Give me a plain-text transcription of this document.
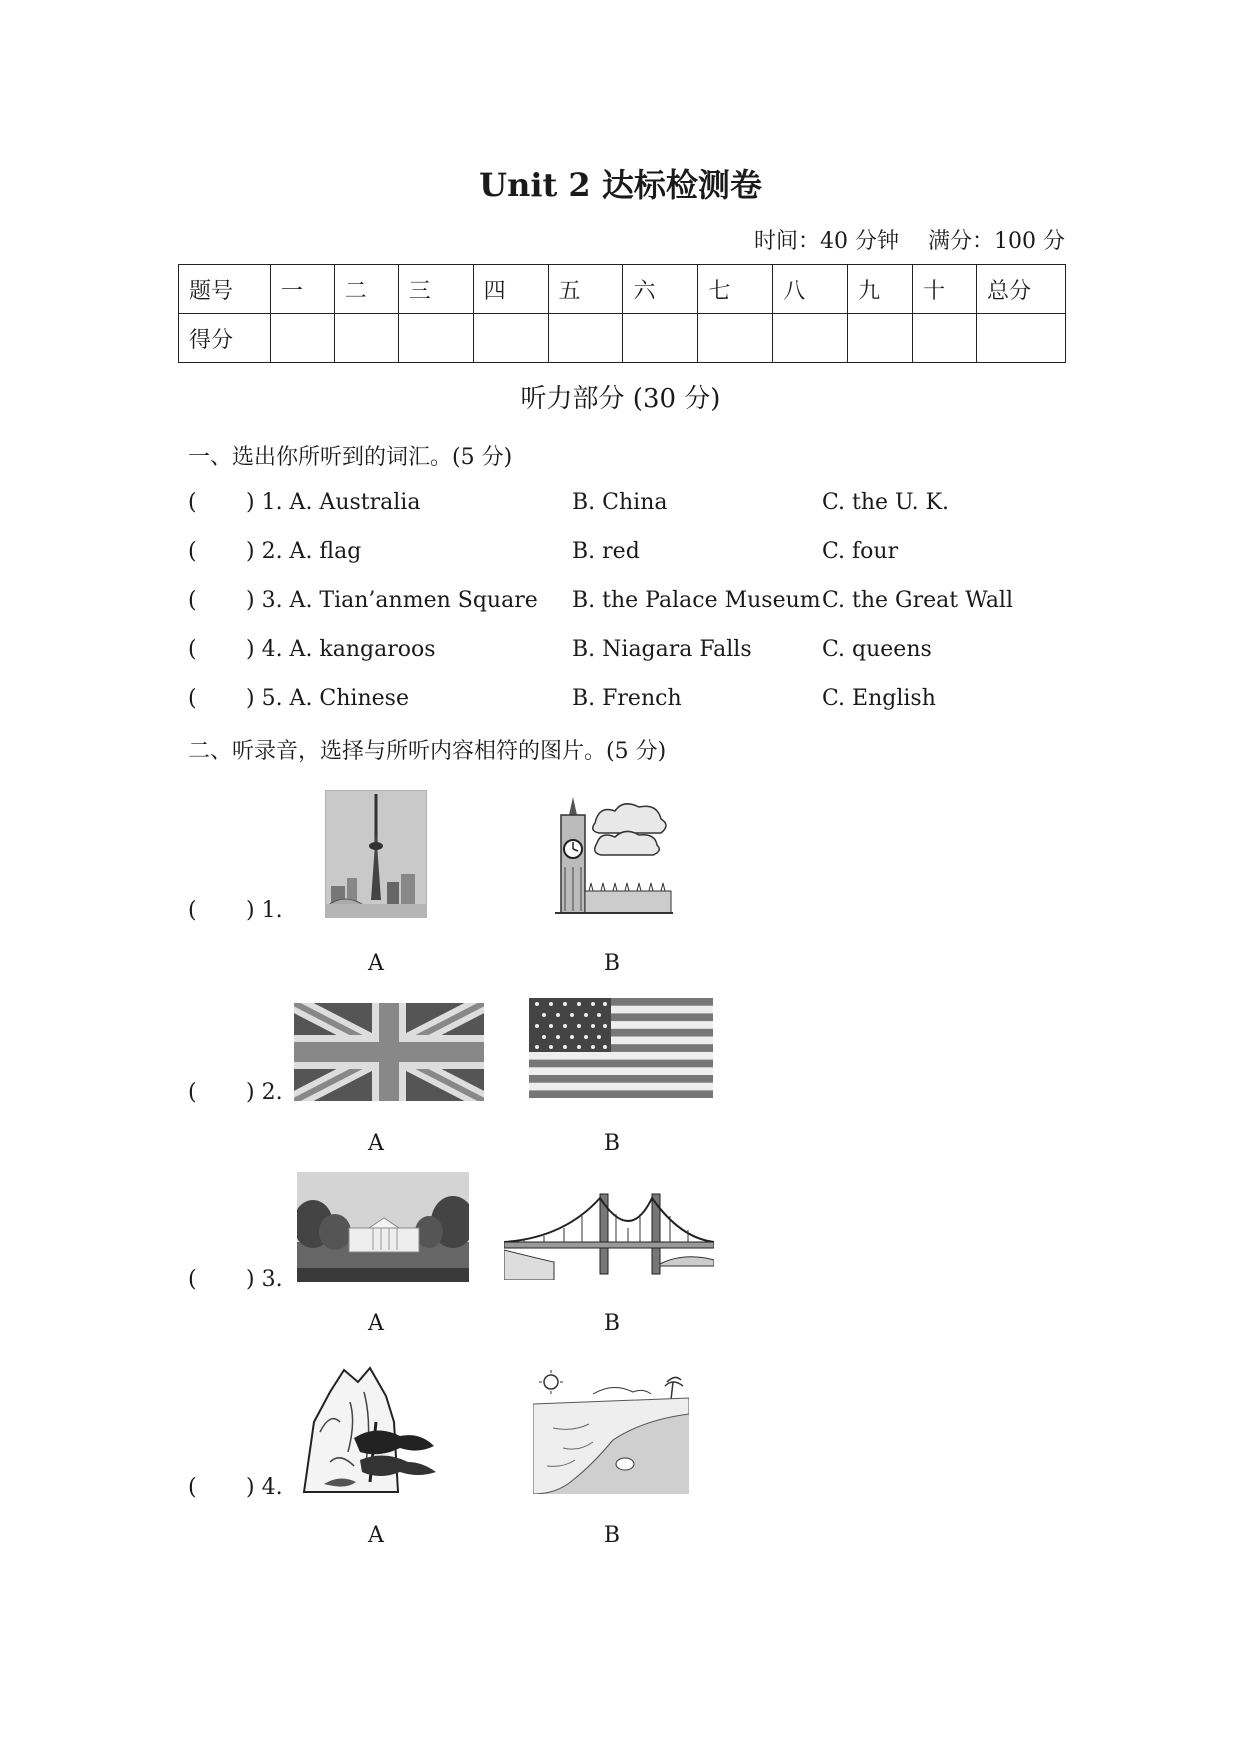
Unit 2 达标检测卷
时间：40 分钟 满分：100 分
题号	一	二	三	四	五	六	七	八	九	十	总分
得分											
听力部分 (30 分)
一、选出你所听到的词汇。(5 分)
( ) 1. A. Australia	B. China	C. the U. K.
( ) 2. A. flag	B. red	C. four
( ) 3. A. Tian’anmen Square B. the Palace Museum C. the Great Wall
( ) 4. A. kangaroos	B. Niagara Falls	C. queens
( ) 5. A. Chinese	B. French	C. English
二、听录音，选择与所听内容相符的图片。(5 分)
( ) 1.
A	B
( ) 2.
A	B
( ) 3.
A	B
( ) 4.
A	B
